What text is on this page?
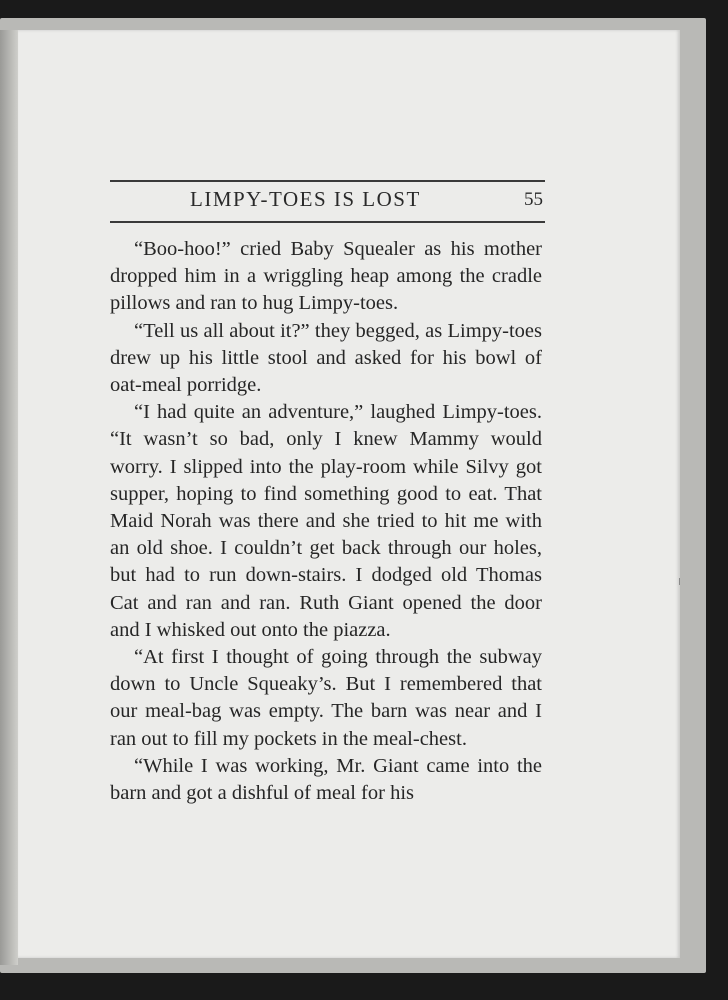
LIMPY-TOES IS LOST	55

“Boo-hoo!” cried Baby Squealer as his mother dropped him in a wriggling heap among the cradle pillows and ran to hug Limpy-toes.

“Tell us all about it?” they begged, as Limpy-toes drew up his little stool and asked for his bowl of oat-meal porridge.

“I had quite an adventure,” laughed Limpy-toes. “It wasn’t so bad, only I knew Mammy would worry. I slipped into the play-room while Silvy got supper, hoping to find something good to eat. That Maid Norah was there and she tried to hit me with an old shoe. I couldn’t get back through our holes, but had to run down-stairs. I dodged old Thomas Cat and ran and ran. Ruth Giant opened the door and I whisked out onto the piazza.

“At first I thought of going through the subway down to Uncle Squeaky’s. But I remembered that our meal-bag was empty. The barn was near and I ran out to fill my pockets in the meal-chest.

“While I was working, Mr. Giant came into the barn and got a dishful of meal for his
